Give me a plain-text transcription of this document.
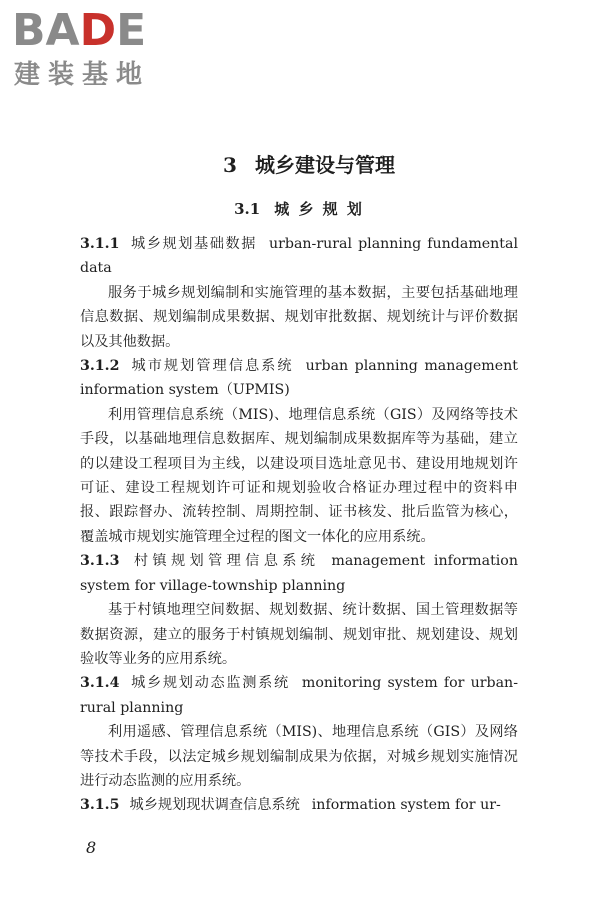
BADE
建装基地
3 城乡建设与管理
3.1 城 乡 规 划

3.1.1 城乡规划基础数据 urban-rural planning fundamental data

服务于城乡规划编制和实施管理的基本数据，主要包括基础地理信息数据、规划编制成果数据、规划审批数据、规划统计与评价数据以及其他数据。

3.1.2 城市规划管理信息系统 urban planning management information system（UPMIS)

利用管理信息系统（MIS)、地理信息系统（GIS）及网络等技术手段，以基础地理信息数据库、规划编制成果数据库等为基础，建立的以建设工程项目为主线，以建设项目选址意见书、建设用地规划许可证、建设工程规划许可证和规划验收合格证办理过程中的资料申报、跟踪督办、流转控制、周期控制、证书核发、批后监管为核心，覆盖城市规划实施管理全过程的图文一体化的应用系统。

3.1.3 村镇规划管理信息系统 management information system for village-township planning

基于村镇地理空间数据、规划数据、统计数据、国土管理数据等数据资源，建立的服务于村镇规划编制、规划审批、规划建设、规划验收等业务的应用系统。

3.1.4 城乡规划动态监测系统 monitoring system for urban-rural planning

利用遥感、管理信息系统（MIS)、地理信息系统（GIS）及网络等技术手段，以法定城乡规划编制成果为依据，对城乡规划实施情况进行动态监测的应用系统。

3.1.5 城乡规划现状调查信息系统 information system for ur-

8
